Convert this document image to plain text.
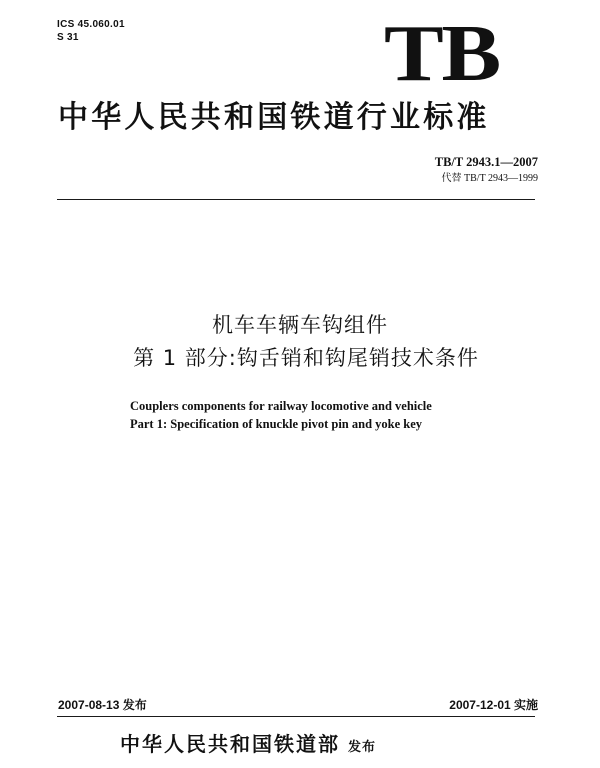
ICS 45.060.01
S 31	TB
中华人民共和国铁道行业标准
TB/T 2943.1—2007
代替 TB/T 2943—1999
机车车辆车钩组件
第 1 部分:钩舌销和钩尾销技术条件
Couplers components for railway locomotive and vehicle
Part 1: Specification of knuckle pivot pin and yoke key
2007-08-13 发布	2007-12-01 实施
中华人民共和国铁道部 发布
